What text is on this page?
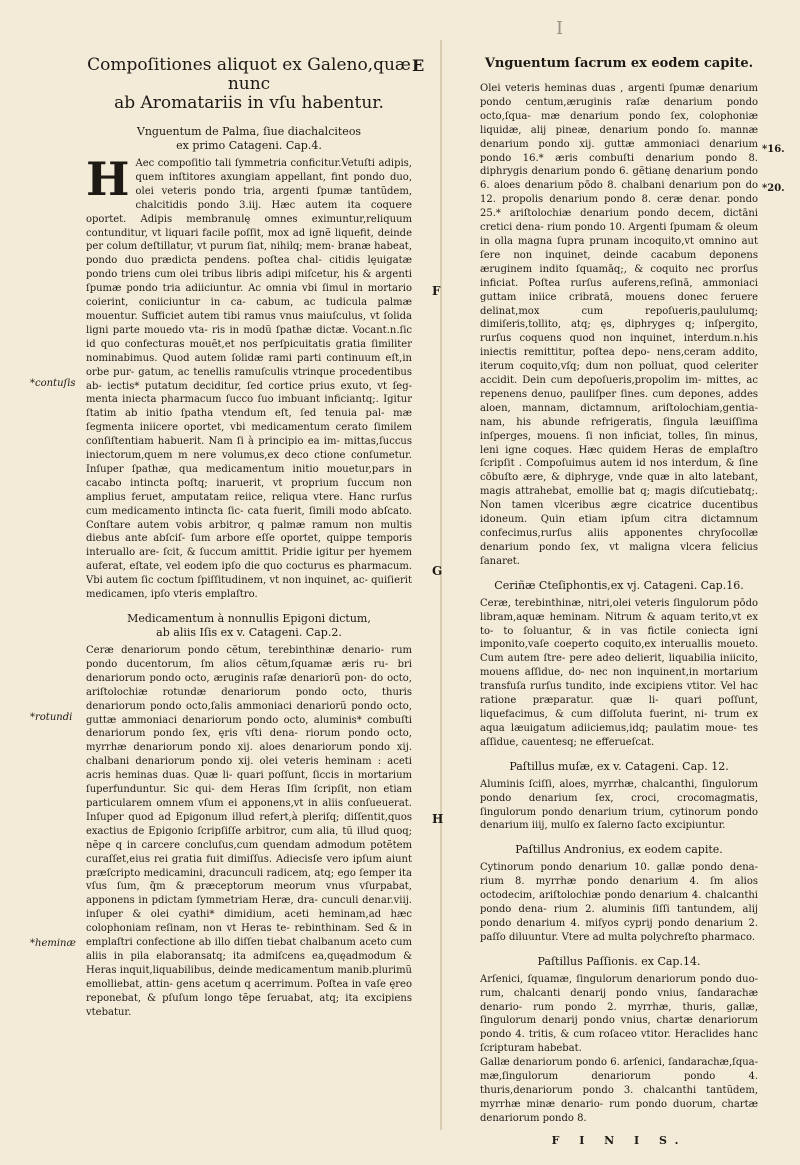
I
E
Compoſitiones aliquot ex Galeno,quæ nunc
ab Aromatariis in vſu habentur.
Vnguentum de Palma, ſiue diachalciteos
ex primo Catageni. Cap.4.

H Aec compoſitio tali ſymmetria conficitur.Vetuſti adipis, quem inſtitores axungiam appellant, fint pondo duo, olei veteris pondo tria, argenti ſpumæ tantũdem, chalcitidis pondo 3.iij. Hæc autem ita coquere oportet. Adipis membranulę omnes eximuntur,reliquum contunditur, vt liquari facile poſſit, mox ad ignẽ liquefit, deinde per colum deſtillatur, vt purum ſiat, nihilq; mem- branæ habeat, pondo duo prædicta pendens. poſtea chal- citidis lęuigatæ pondo triens cum olei tribus libris adipi miſcetur, his & argenti ſpumæ pondo tria adiiciuntur. Ac omnia vbi ſimul in mortario coierint, coniiciuntur in ca- cabum, ac tudicula palmæ mouentur. Sufficiet autem tibi ramus vnus maiuſculus, vt ſolida ligni parte mouedo vta- ris in modũ ſpathæ dictæ. Vocant.n.ſic id quo confecturas mouẽt,et nos perſpicuitatis gratia ſimiliter nominabimus. Quod autem ſolidæ rami parti continuum eſt,in orbe pur- gatum, ac tenellis ramuſculis vtrinque procedentibus ab- iectis* putatum deciditur, ſed cortice prius exuto, vt ſeg- menta iniecta pharmacum ſucco ſuo imbuant inficiantq;. Igitur ſtatim ab initio ſpatha vtendum eſt, ſed tenuia pal- mæ ſegmenta iniicere oportet, vbi medicamentum cerato ſimilem conſiſtentiam habuerit. Nam ſi à principio ea im- mittas,ſuccus iniectorum,quem m nere volumus,ex deco ctione conſumetur. Inſuper ſpathæ, qua medicamentum initio mouetur,pars in cacabo intincta poſtq; inaruerit, vt proprium ſuccum non amplius feruet, amputatam reiice, reliqua vtere. Hanc rurſus cum medicamento intincta ſic- cata fuerit, ſimili modo abſcato. Conſtare autem vobis arbitror, q palmæ ramum non multis diebus ante abſciſ- ſum arbore eſſe oportet, quippe temporis interuallo are- ſcit, & ſuccum amittit. Pridie igitur per hyemem auferat, eſtate, vel eodem ipſo die quo cocturus es pharmacum. Vbi autem ſic coctum ſpiſſitudinem, vt non inquinet, ac- quiſierit medicamen, ipſo vteris emplaſtro.

Medicamentum à nonnullis Epigoni dictum,
ab aliis Iſis ex v. Catageni. Cap.2.

Ceræ denariorum pondo cẽtum, terebinthinæ denario- rum pondo ducentorum, ſm alios cẽtum,ſquamæ æris ru- bri denariorum pondo octo, æruginis raſæ denariorũ pon- do octo, ariſtolochiæ rotundæ denariorum pondo octo, thuris denariorum pondo octo,ſalis ammoniaci denariorũ pondo octo, guttæ ammoniaci denariorum pondo octo, aluminis* combuſti denariorum pondo ſex, ęris vſti dena- riorum pondo octo, myrrhæ denariorum pondo xij. aloes denariorum pondo xij. chalbani denariorum pondo xij. olei veteris heminam : aceti acris heminas duas. Quæ li- quari poſſunt, ſiccis in mortarium ſuperfunduntur. Sic qui- dem Heras Iſim ſcripſit, non etiam particularem omnem vſum ei apponens,vt in aliis conſueuerat. Inſuper quod ad Epigonum illud refert,à pleriſq; diſſentit,quos exactius de Epigonio ſcripſiſſe arbitror, cum alia, tũ illud quoq; nẽpe q in carcere concluſus,cum quendam admodum potẽtem curaſſet,eius rei gratia fuit dimiſſus. Adiecisſe vero ipſum aiunt præſcripto medicamini, dracunculi radicem, atq; ego ſemper ita vſus ſum, q̃m & præceptorum meorum vnus vſurpabat, apponens in pdictam ſymmetriam Heræ, dra- cunculi denar.viij. inſuper & olei cyathi* dimidium, aceti heminam,ad hæc colophoniam reſinam, non vt Heras te- rebinthinam. Sed & in emplaſtri confectione ab illo diſſen tiebat chalbanum aceto cum aliis in pila elaboransatq; ita admiſcens ea,quęadmodum & Heras inquit,liquabilibus, deinde medicamentum manib.plurimũ emolliebat, attin- gens acetum q acerrimum. Poſtea in vaſe ęreo reponebat, & pſuſum longo tẽpe ſeruabat, atq; ita excipiens vtebatur.

*contuſis
*rotundi
*heminæ
F
G
H
Vnguentum ſacrum ex eodem capite.

Olei veteris heminas duas , argenti ſpumæ denarium pondo centum,æruginis raſæ denarium pondo octo,ſqua- mæ denarium pondo ſex, colophoniæ liquidæ, alij pineæ, denarium pondo ſo. mannæ denarium pondo xij. guttæ ammoniaci denarium pondo 16.* æris combuſti denarium pondo 8. diphrygis denarium pondo 6. gẽtianę denarium pondo 6. aloes denarium pōdo 8. chalbani denarium pon do 12. propolis denarium pondo 8. ceræ denar. pondo 25.* ariſtolochiæ denarium pondo decem, dictāni cretici dena- rium pondo 10. Argenti ſpumam & oleum in olla magna ſupra prunam incoquito,vt omnino aut ſere non inquinet, deinde cacabum deponens æruginem indito ſquamāq;, & coquito nec prorſus inficiat. Poſtea rurſus auferens,reſinā, ammoniaci guttam iniice cribratā, mouens donec feruere delinat,mox cum repoſueris,paululumq; dimiſeris,tollito, atq; ęs, diphryges q; inſpergito, rurſus coquens quod non inquinet, interdum.n.his iniectis remittitur, poſtea depo- nens,ceram addito, iterum coquito,vſq; dum non polluat, quod celeriter accidit. Dein cum depoſueris,propolim im- mittes, ac repenens denuo, pauliſper ſines. cum depones, addes aloen, mannam, dictamnum, ariſtolochiam,gentia- nam, his abunde refrigeratis, ſingula læuiſſima inſperges, mouens. ſi non inficiat, tolles, ſin minus, leni igne coques. Hæc quidem Heras de emplaſtro ſcripſit . Compoſuimus autem id nos interdum, & ſine cōbuſto ære, & diphryge, vnde quæ in alto latebant, magis attrahebat, emollie bat q; magis diſcutiebatq;. Non tamen vlceribus ægre cicatrice ducentibus idoneum. Quin etiam ipſum citra dictamnum confecimus,rurſus aliis apponentes chryſocollæ denarium pondo ſex, vt maligna vlcera felicius ſanaret.

Ceriñæ Cteſiphontis,ex vj. Catageni. Cap.16.

Ceræ, terebinthinæ, nitri,olei veteris ſingulorum pōdo libram,aquæ heminam. Nitrum & aquam terito,vt ex to- to ſoluantur, & in vas fictile coniecta igni imponito,vaſe coeperto coquito,ex interuallis moueto. Cum autem ſtre- pere adeo delierit, liquabilia iniicito, mouens aſſidue, do- nec non inquinent,in mortarium transfuſa rurſus tundito, inde excipiens vtitor. Vel hac ratione præparatur. quæ li- quari poſſunt, liquefacimus, & cum diſſoluta fuerint, ni- trum ex aqua læuigatum adiiciemus,idq; paulatim moue- tes aſſidue, cauentesq; ne efferueſcat.

Paſtillus muſæ, ex v. Catageni. Cap. 12.

Aluminis ſciſſi, aloes, myrrhæ, chalcanthi, ſingulorum pondo denarium ſex, croci, crocomagmatis, ſingulorum pondo denarium trium, cytinorum pondo denarium iiij, mulſo ex ſalerno ſacto excipiuntur.

Paſtillus Andronius, ex eodem capite.

Cytinorum pondo denarium 10. gallæ pondo dena- rium 8. myrrhæ pondo denarium 4. ſm alios octodecim, ariſtolochiæ pondo denarium 4. chalcanthi pondo dena- rium 2. aluminis ſiſſi tantundem, alij pondo denarium 4. miſyos cyprij pondo denarium 2. paſſo diluuntur. Vtere ad multa polychreſto pharmaco.

Paſtillus Paſſionis. ex Cap.14.

Arſenici, ſquamæ, ſingulorum denariorum pondo duo- rum, chalcanti denarij pondo vnius, ſandarachæ denario- rum pondo 2. myrrhæ, thuris, gallæ, ſingulorum denarij pondo vnius, chartæ denariorum pondo 4. tritis, & cum roſaceo vtitor. Heraclides hanc ſcripturam habebat.

Gallæ denariorum pondo 6. arſenici, ſandarachæ,ſqua- mæ,ſingulorum denariorum pondo 4. thuris,denariorum pondo 3. chalcanthi tantũdem, myrrhæ minæ denario- rum pondo duorum, chartæ denariorum pondo 8.

F I N I S.
*16.
*20.
